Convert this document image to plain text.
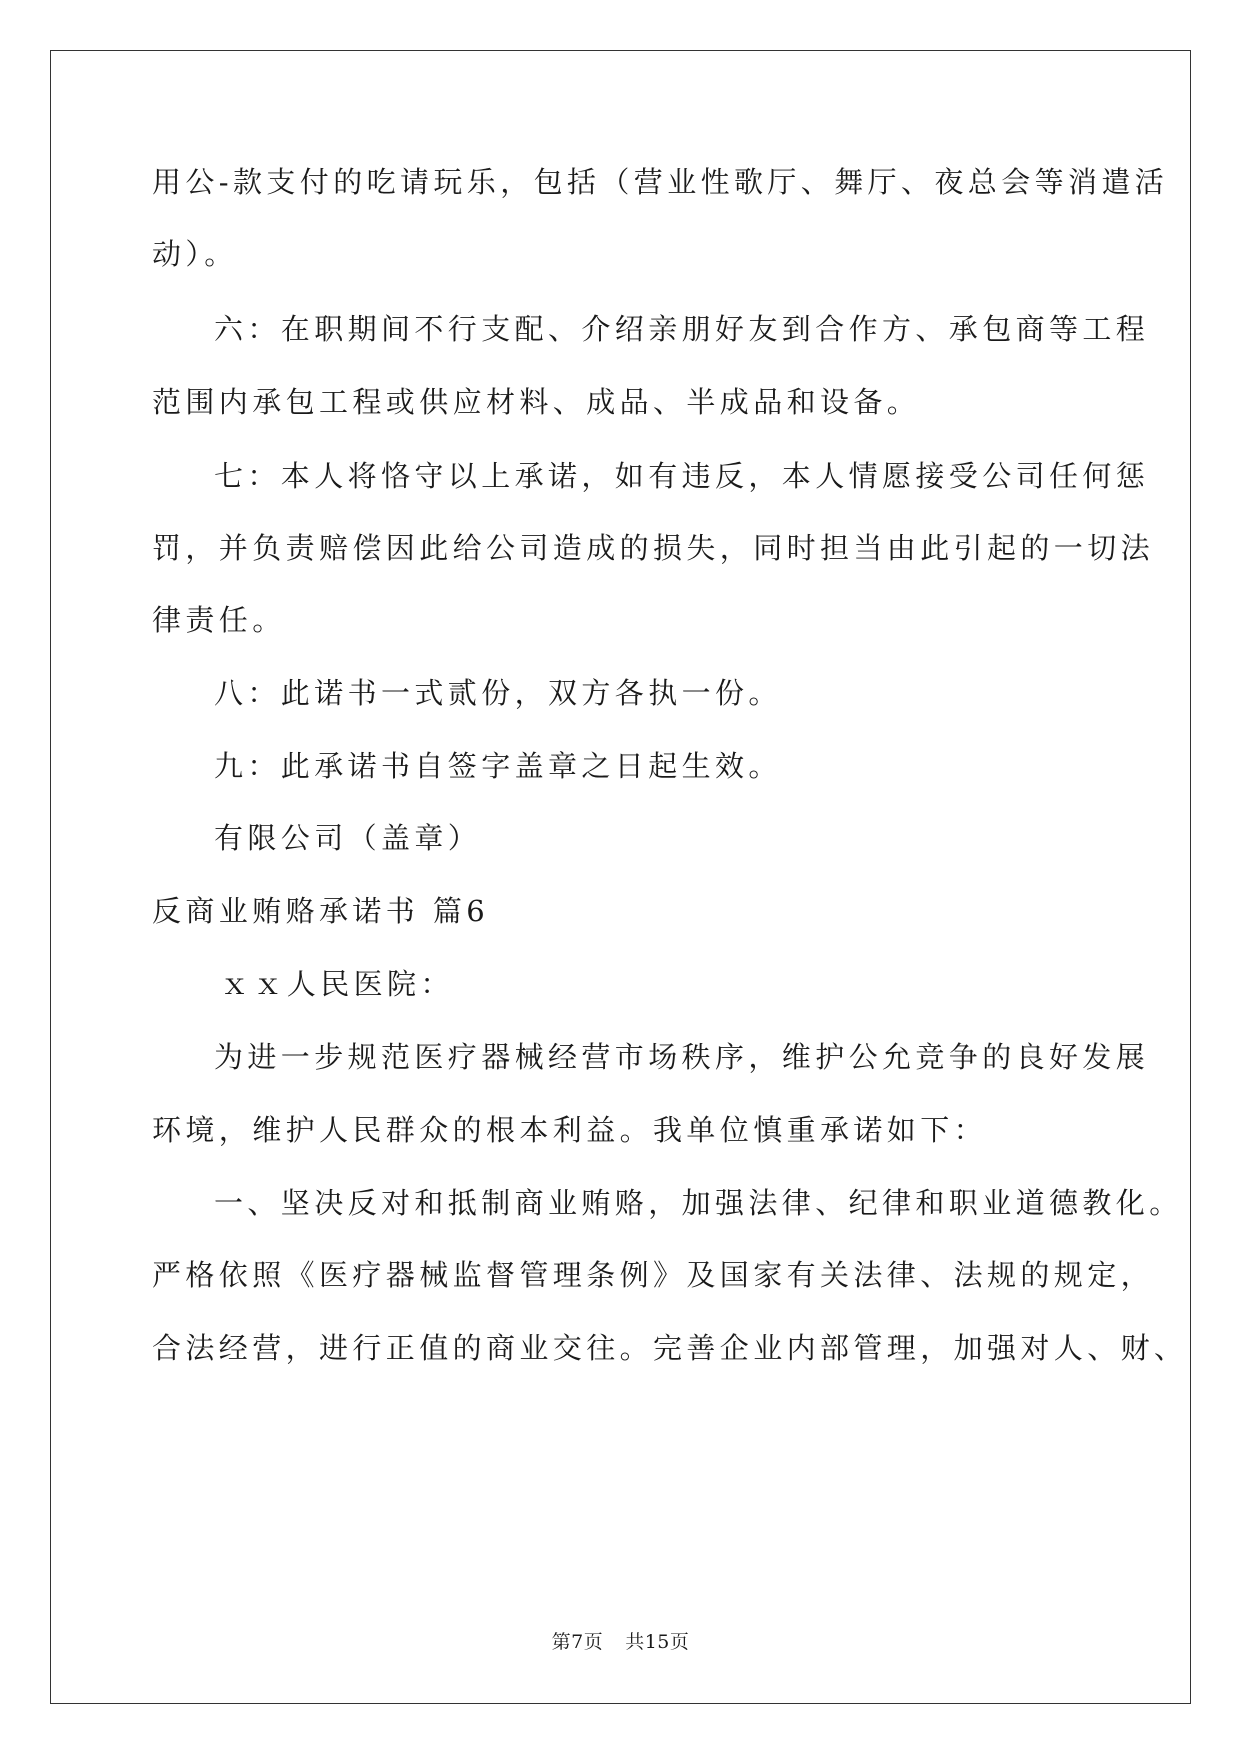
用公-款支付的吃请玩乐，包括（营业性歌厅、舞厅、夜总会等消遣活
动）。
六：在职期间不行支配、介绍亲朋好友到合作方、承包商等工程
范围内承包工程或供应材料、成品、半成品和设备。
七：本人将恪守以上承诺，如有违反，本人情愿接受公司任何惩
罚，并负责赔偿因此给公司造成的损失，同时担当由此引起的一切法
律责任。
八：此诺书一式贰份，双方各执一份。
九：此承诺书自签字盖章之日起生效。
有限公司（盖章）
反商业贿赂承诺书 篇6
ｘｘ人民医院：
为进一步规范医疗器械经营市场秩序，维护公允竞争的良好发展
环境，维护人民群众的根本利益。我单位慎重承诺如下：
一、坚决反对和抵制商业贿赂，加强法律、纪律和职业道德教化。
严格依照《医疗器械监督管理条例》及国家有关法律、法规的规定，
合法经营，进行正值的商业交往。完善企业内部管理，加强对人、财、
第7页 共15页
